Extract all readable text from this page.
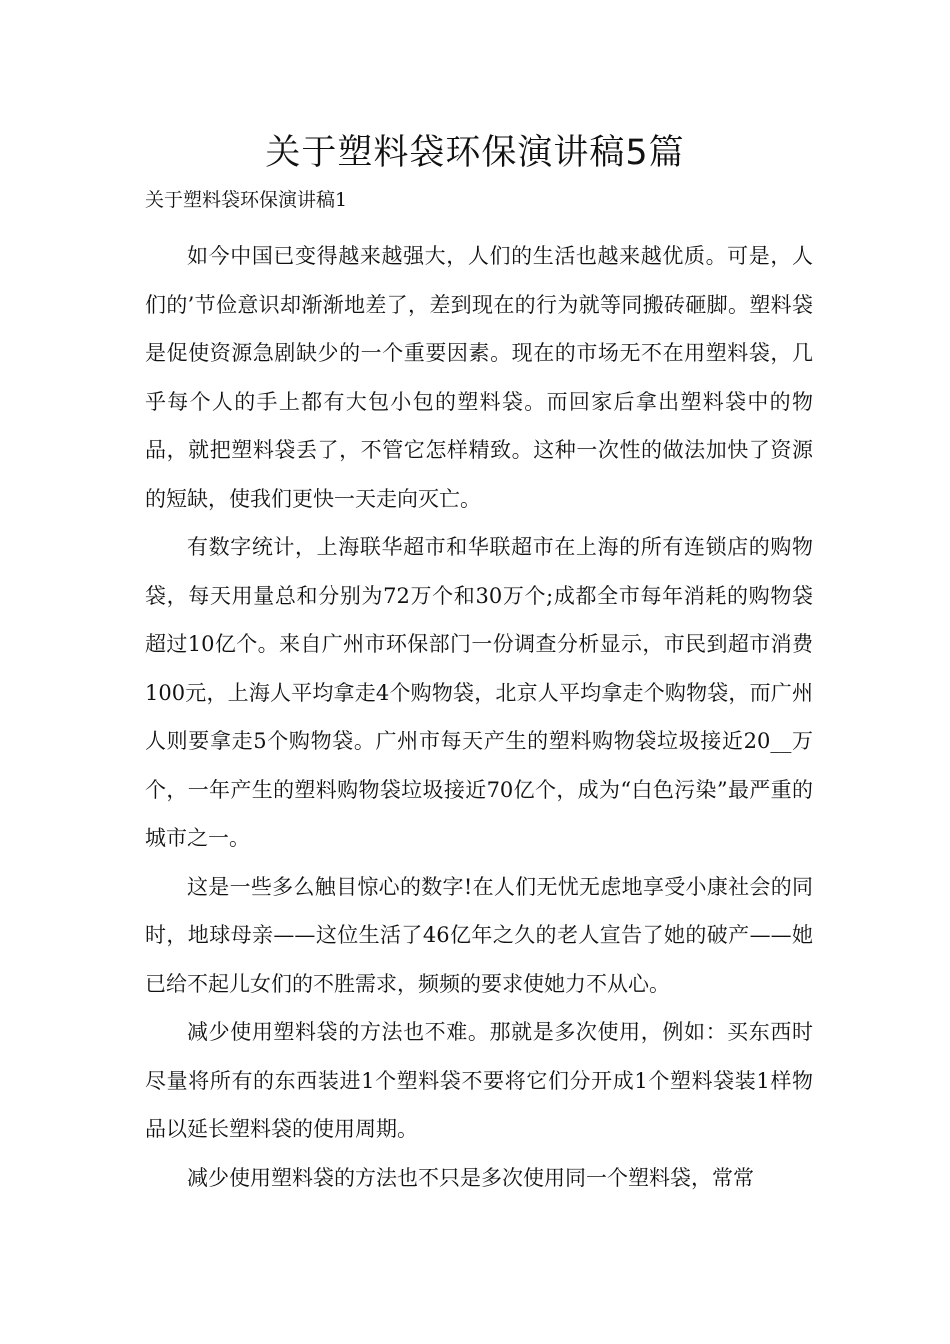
关于塑料袋环保演讲稿5篇

关于塑料袋环保演讲稿1

如今中国已变得越来越强大，人们的生活也越来越优质。可是，人们的’节俭意识却渐渐地差了，差到现在的行为就等同搬砖砸脚。塑料袋是促使资源急剧缺少的一个重要因素。现在的市场无不在用塑料袋，几乎每个人的手上都有大包小包的塑料袋。而回家后拿出塑料袋中的物品，就把塑料袋丢了，不管它怎样精致。这种一次性的做法加快了资源的短缺，使我们更快一天走向灭亡。

有数字统计，上海联华超市和华联超市在上海的所有连锁店的购物袋，每天用量总和分别为72万个和30万个;成都全市每年消耗的购物袋超过10亿个。来自广州市环保部门一份调查分析显示，市民到超市消费100元，上海人平均拿走4个购物袋，北京人平均拿走个购物袋，而广州人则要拿走5个购物袋。广州市每天产生的塑料购物袋垃圾接近20__万个，一年产生的塑料购物袋垃圾接近70亿个，成为“白色污染”最严重的城市之一。

这是一些多么触目惊心的数字!在人们无忧无虑地享受小康社会的同时，地球母亲——这位生活了46亿年之久的老人宣告了她的破产——她已给不起儿女们的不胜需求，频频的要求使她力不从心。

减少使用塑料袋的方法也不难。那就是多次使用，例如：买东西时尽量将所有的东西装进1个塑料袋不要将它们分开成1个塑料袋装1样物品以延长塑料袋的使用周期。

减少使用塑料袋的方法也不只是多次使用同一个塑料袋，常常
